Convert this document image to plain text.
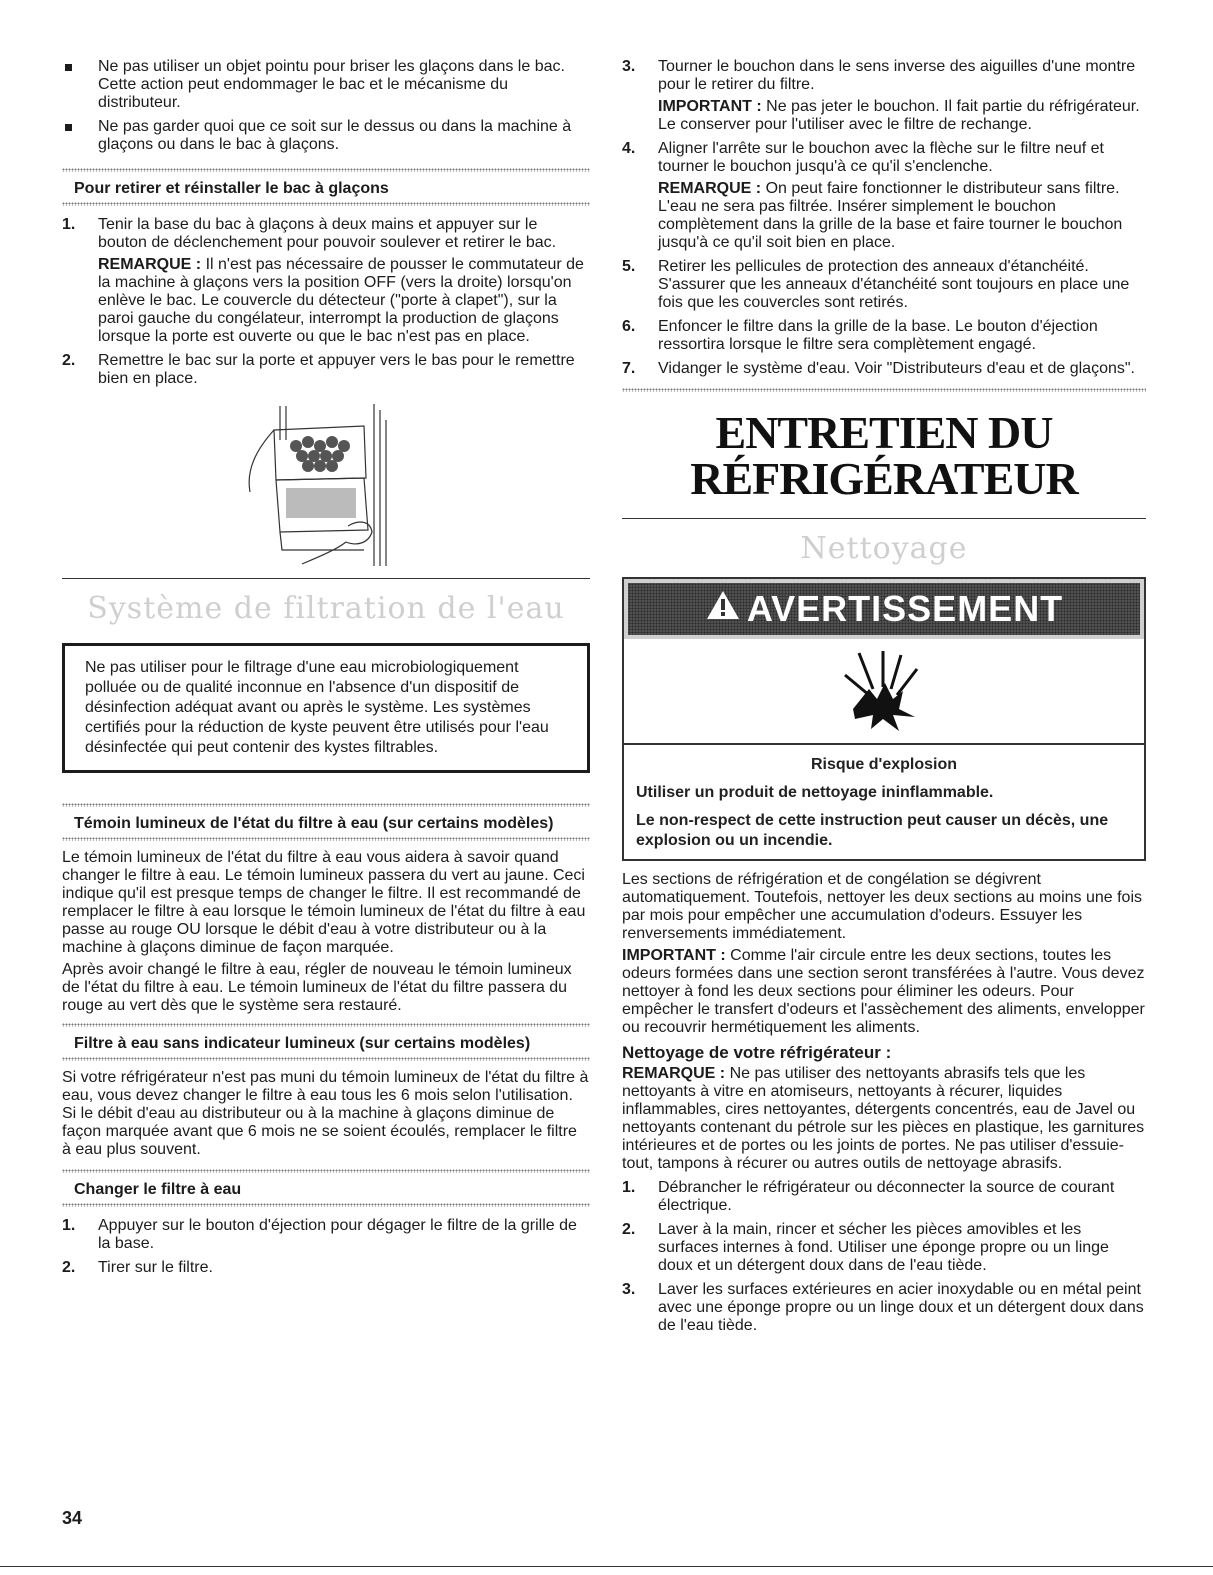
Ne pas utiliser un objet pointu pour briser les glaçons dans le bac. Cette action peut endommager le bac et le mécanisme du distributeur.
Ne pas garder quoi que ce soit sur le dessus ou dans la machine à glaçons ou dans le bac à glaçons.
Pour retirer et réinstaller le bac à glaçons
1. Tenir la base du bac à glaçons à deux mains et appuyer sur le bouton de déclenchement pour pouvoir soulever et retirer le bac.

REMARQUE : Il n'est pas nécessaire de pousser le commutateur de la machine à glaçons vers la position OFF (vers la droite) lorsqu'on enlève le bac. Le couvercle du détecteur ("porte à clapet"), sur la paroi gauche du congélateur, interrompt la production de glaçons lorsque la porte est ouverte ou que le bac n'est pas en place.

2. Remettre le bac sur la porte et appuyer vers le bas pour le remettre bien en place.

Système de filtration de l'eau

Ne pas utiliser pour le filtrage d'une eau microbiologiquement polluée ou de qualité inconnue en l'absence d'un dispositif de désinfection adéquat avant ou après le système. Les systèmes certifiés pour la réduction de kyste peuvent être utilisés pour l'eau désinfectée qui peut contenir des kystes filtrables.

Témoin lumineux de l'état du filtre à eau (sur certains modèles)

Le témoin lumineux de l'état du filtre à eau vous aidera à savoir quand changer le filtre à eau. Le témoin lumineux passera du vert au jaune. Ceci indique qu'il est presque temps de changer le filtre. Il est recommandé de remplacer le filtre à eau lorsque le témoin lumineux de l'état du filtre à eau passe au rouge OU lorsque le débit d'eau à votre distributeur ou à la machine à glaçons diminue de façon marquée.

Après avoir changé le filtre à eau, régler de nouveau le témoin lumineux de l'état du filtre à eau. Le témoin lumineux de l'état du filtre passera du rouge au vert dès que le système sera restauré.

Filtre à eau sans indicateur lumineux (sur certains modèles)

Si votre réfrigérateur n'est pas muni du témoin lumineux de l'état du filtre à eau, vous devez changer le filtre à eau tous les 6 mois selon l'utilisation. Si le débit d'eau au distributeur ou à la machine à glaçons diminue de façon marquée avant que 6 mois ne se soient écoulés, remplacer le filtre à eau plus souvent.

Changer le filtre à eau
1. Appuyer sur le bouton d'éjection pour dégager le filtre de la grille de la base.

2. Tirer sur le filtre.

3. Tourner le bouchon dans le sens inverse des aiguilles d'une montre pour le retirer du filtre.

IMPORTANT : Ne pas jeter le bouchon. Il fait partie du réfrigérateur. Le conserver pour l'utiliser avec le filtre de rechange.

4. Aligner l'arrête sur le bouchon avec la flèche sur le filtre neuf et tourner le bouchon jusqu'à ce qu'il s'enclenche.

REMARQUE : On peut faire fonctionner le distributeur sans filtre. L'eau ne sera pas filtrée. Insérer simplement le bouchon complètement dans la grille de la base et faire tourner le bouchon jusqu'à ce qu'il soit bien en place.

5. Retirer les pellicules de protection des anneaux d'étanchéité. S'assurer que les anneaux d'étanchéité sont toujours en place une fois que les couvercles sont retirés.

6. Enfoncer le filtre dans la grille de la base. Le bouton d'éjection ressortira lorsque le filtre sera complètement engagé.

7. Vidanger le système d'eau. Voir "Distributeurs d'eau et de glaçons".

ENTRETIEN DU
RÉFRIGÉRATEUR
Nettoyage
AVERTISSEMENT

Risque d'explosion

Utiliser un produit de nettoyage ininflammable.

Le non-respect de cette instruction peut causer un décès, une explosion ou un incendie.

Les sections de réfrigération et de congélation se dégivrent automatiquement. Toutefois, nettoyer les deux sections au moins une fois par mois pour empêcher une accumulation d'odeurs. Essuyer les renversements immédiatement.

IMPORTANT : Comme l'air circule entre les deux sections, toutes les odeurs formées dans une section seront transférées à l'autre. Vous devez nettoyer à fond les deux sections pour éliminer les odeurs. Pour empêcher le transfert d'odeurs et l'assèchement des aliments, envelopper ou recouvrir hermétiquement les aliments.

Nettoyage de votre réfrigérateur :

REMARQUE : Ne pas utiliser des nettoyants abrasifs tels que les nettoyants à vitre en atomiseurs, nettoyants à récurer, liquides inflammables, cires nettoyantes, détergents concentrés, eau de Javel ou nettoyants contenant du pétrole sur les pièces en plastique, les garnitures intérieures et de portes ou les joints de portes. Ne pas utiliser d'essuie-tout, tampons à récurer ou autres outils de nettoyage abrasifs.

1. Débrancher le réfrigérateur ou déconnecter la source de courant électrique.

2. Laver à la main, rincer et sécher les pièces amovibles et les surfaces internes à fond. Utiliser une éponge propre ou un linge doux et un détergent doux dans de l'eau tiède.

3. Laver les surfaces extérieures en acier inoxydable ou en métal peint avec une éponge propre ou un linge doux et un détergent doux dans de l'eau tiède.

34
